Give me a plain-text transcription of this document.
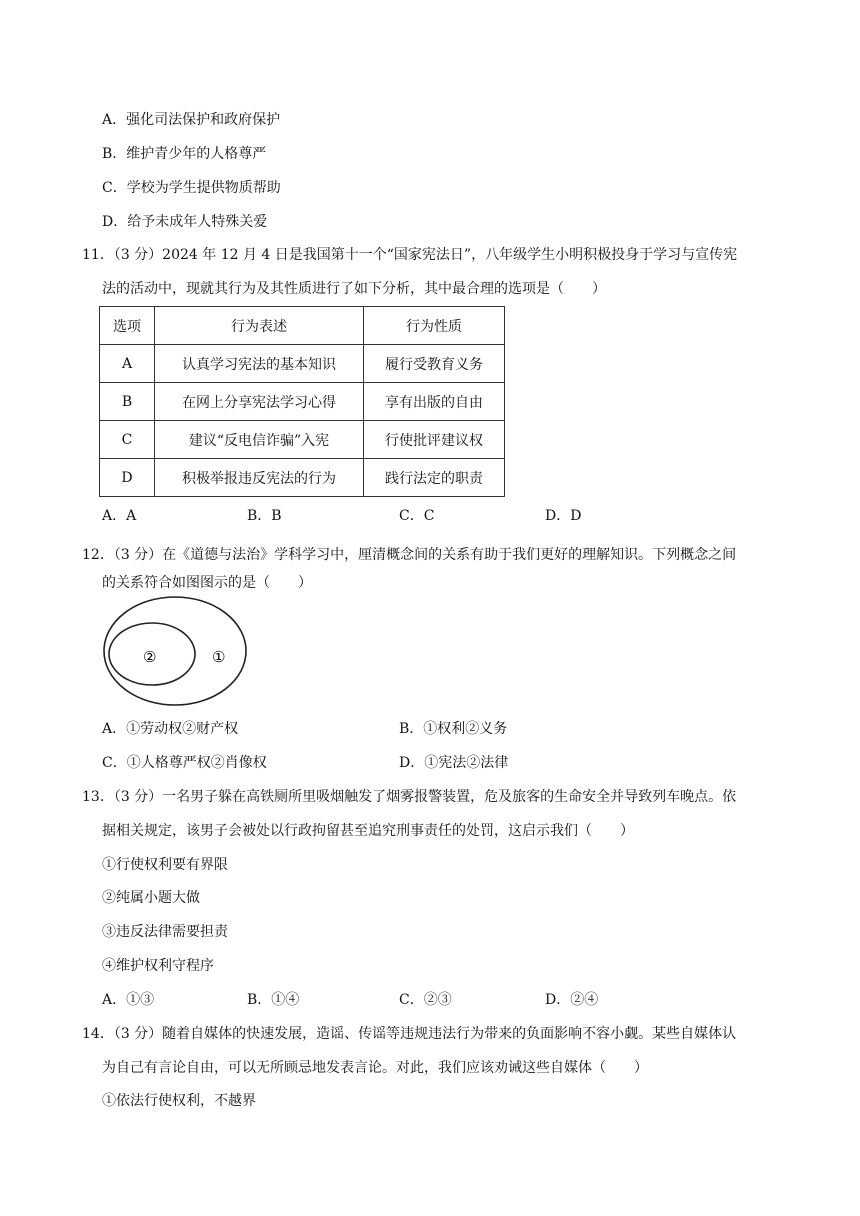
A．强化司法保护和政府保护
B．维护青少年的人格尊严
C．学校为学生提供物质帮助
D．给予未成年人特殊关爱
11．（3 分）2024 年 12 月 4 日是我国第十一个“国家宪法日”，八年级学生小明积极投身于学习与宣传宪
法的活动中，现就其行为及其性质进行了如下分析，其中最合理的选项是（　　）
选项	行为表述	行为性质
A	认真学习宪法的基本知识	履行受教育义务
B	在网上分享宪法学习心得	享有出版的自由
C	建议“反电信诈骗”入宪	行使批评建议权
D	积极举报违反宪法的行为	践行法定的职责
A．A	B．B	C．C	D．D
12．（3 分）在《道德与法治》学科学习中，厘清概念间的关系有助于我们更好的理解知识。下列概念之间
的关系符合如图图示的是（　　）
②	①
A．①劳动权②财产权	B．①权利②义务
C．①人格尊严权②肖像权	D．①宪法②法律
13．（3 分）一名男子躲在高铁厕所里吸烟触发了烟雾报警装置，危及旅客的生命安全并导致列车晚点。依
据相关规定，该男子会被处以行政拘留甚至追究刑事责任的处罚，这启示我们（　　）
①行使权利要有界限
②纯属小题大做
③违反法律需要担责
④维护权利守程序
A．①③	B．①④	C．②③	D．②④
14．（3 分）随着自媒体的快速发展，造谣、传谣等违规违法行为带来的负面影响不容小觑。某些自媒体认
为自己有言论自由，可以无所顾忌地发表言论。对此，我们应该劝诫这些自媒体（　　）
①依法行使权利，不越界
